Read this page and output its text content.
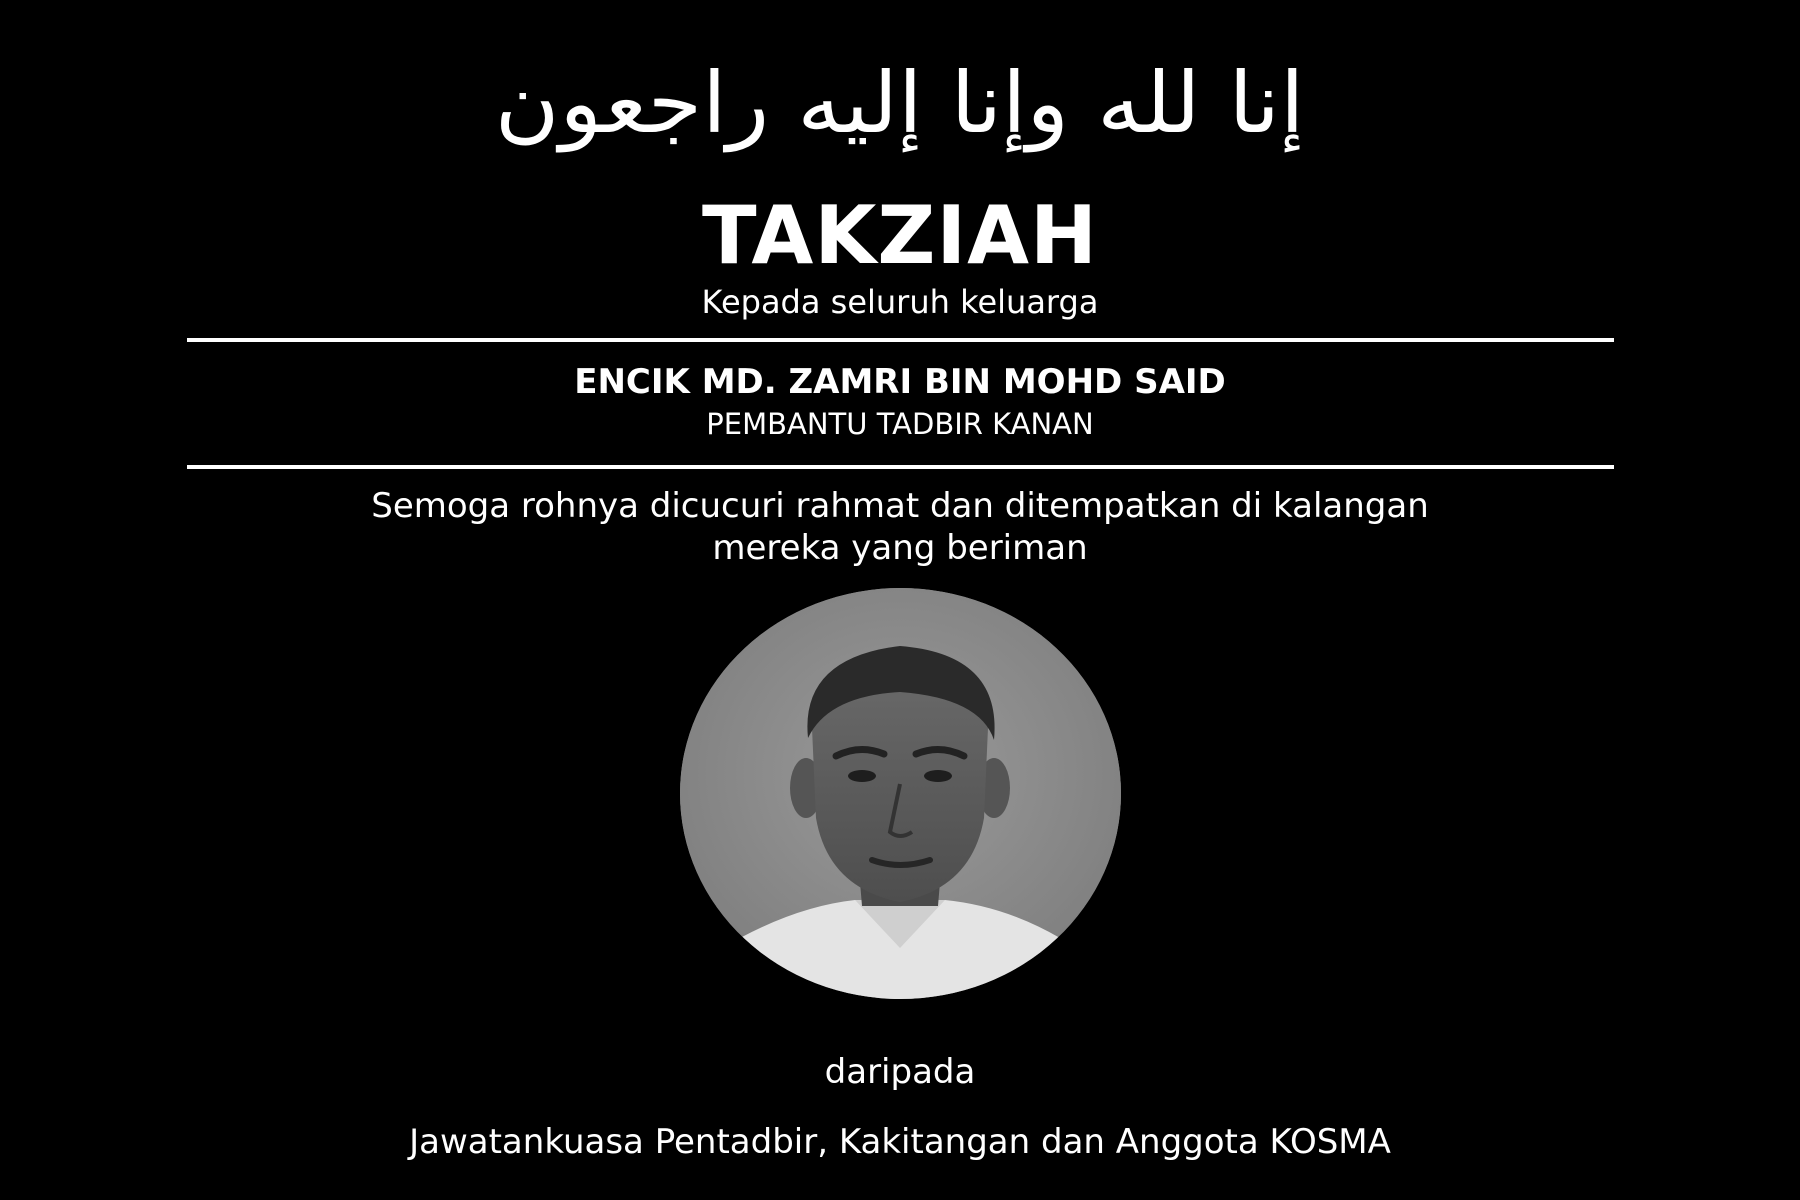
إنا لله وإنا إليه راجعون
TAKZIAH
Kepada seluruh keluarga
ENCIK MD. ZAMRI BIN MOHD SAID
PEMBANTU TADBIR KANAN
Semoga rohnya dicucuri rahmat dan ditempatkan di kalangan
mereka yang beriman
daripada
Jawatankuasa Pentadbir, Kakitangan dan Anggota KOSMA
